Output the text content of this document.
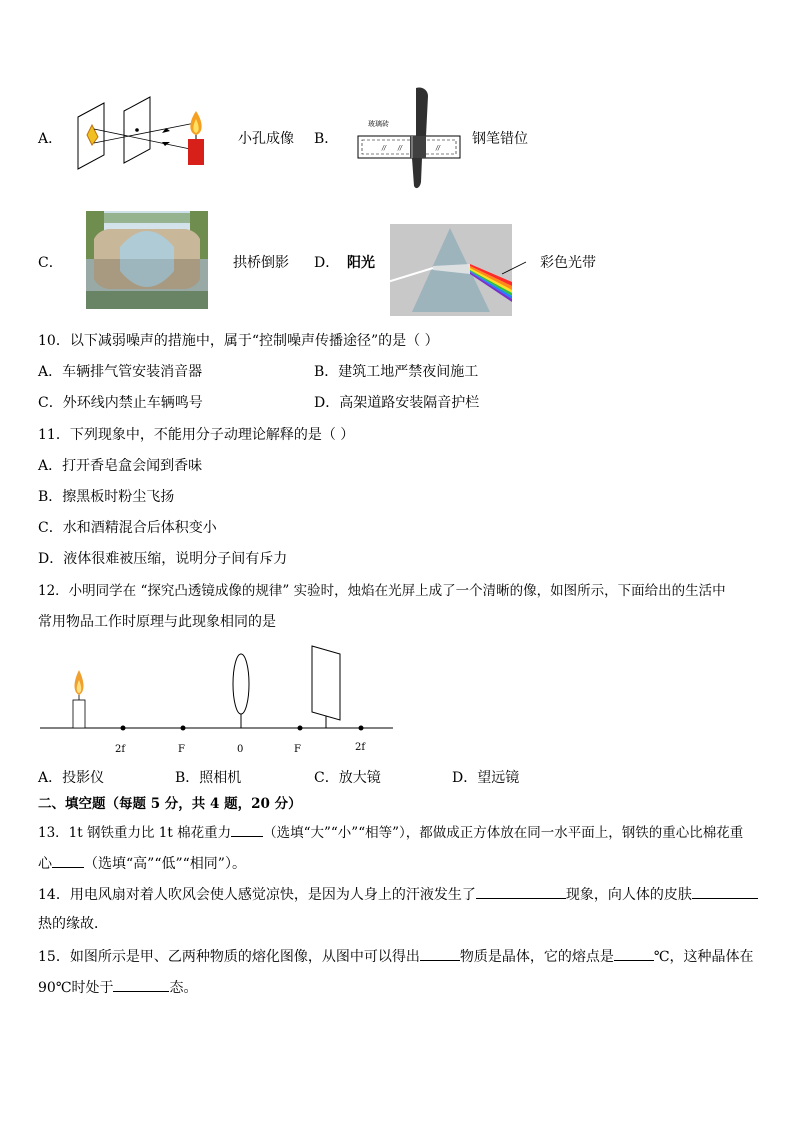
A．	小孔成像 B．
// //	//
玻璃砖
钢笔错位
C．	拱桥倒影 D． 阳光	彩色光带
10．以下减弱噪声的措施中，属于“控制噪声传播途径”的是（ ）
A．车辆排气管安装消音器	B．建筑工地严禁夜间施工
C．外环线内禁止车辆鸣号	D．高架道路安装隔音护栏
11．下列现象中，不能用分子动理论解释的是（ ）
A．打开香皂盒会闻到香味
B．擦黑板时粉尘飞扬
C．水和酒精混合后体积变小
D．液体很难被压缩，说明分子间有斥力
12．小明同学在 “探究凸透镜成像的规律” 实验时，烛焰在光屏上成了一个清晰的像，如图所示，下面给出的生活中
常用物品工作时原理与此现象相同的是
2f	F	0	F	2f
A．投影仪	B．照相机	C．放大镜	D．望远镜
二、填空题（每题 5 分，共 4 题，20 分）
13．1t 钢铁重力比 1t 棉花重力 （选填“大”“小”“相等”），都做成正方体放在同一水平面上，钢铁的重心比棉花重
心 （选填“高”“低”“相同”）。
14．用电风扇对着人吹风会使人感觉凉快，是因为人身上的汗液发生了	现象，向人体的皮肤
热的缘故．
15．如图所示是甲、乙两种物质的熔化图像，从图中可以得出	物质是晶体，它的熔点是	℃，这种晶体在
90℃时处于	态。
